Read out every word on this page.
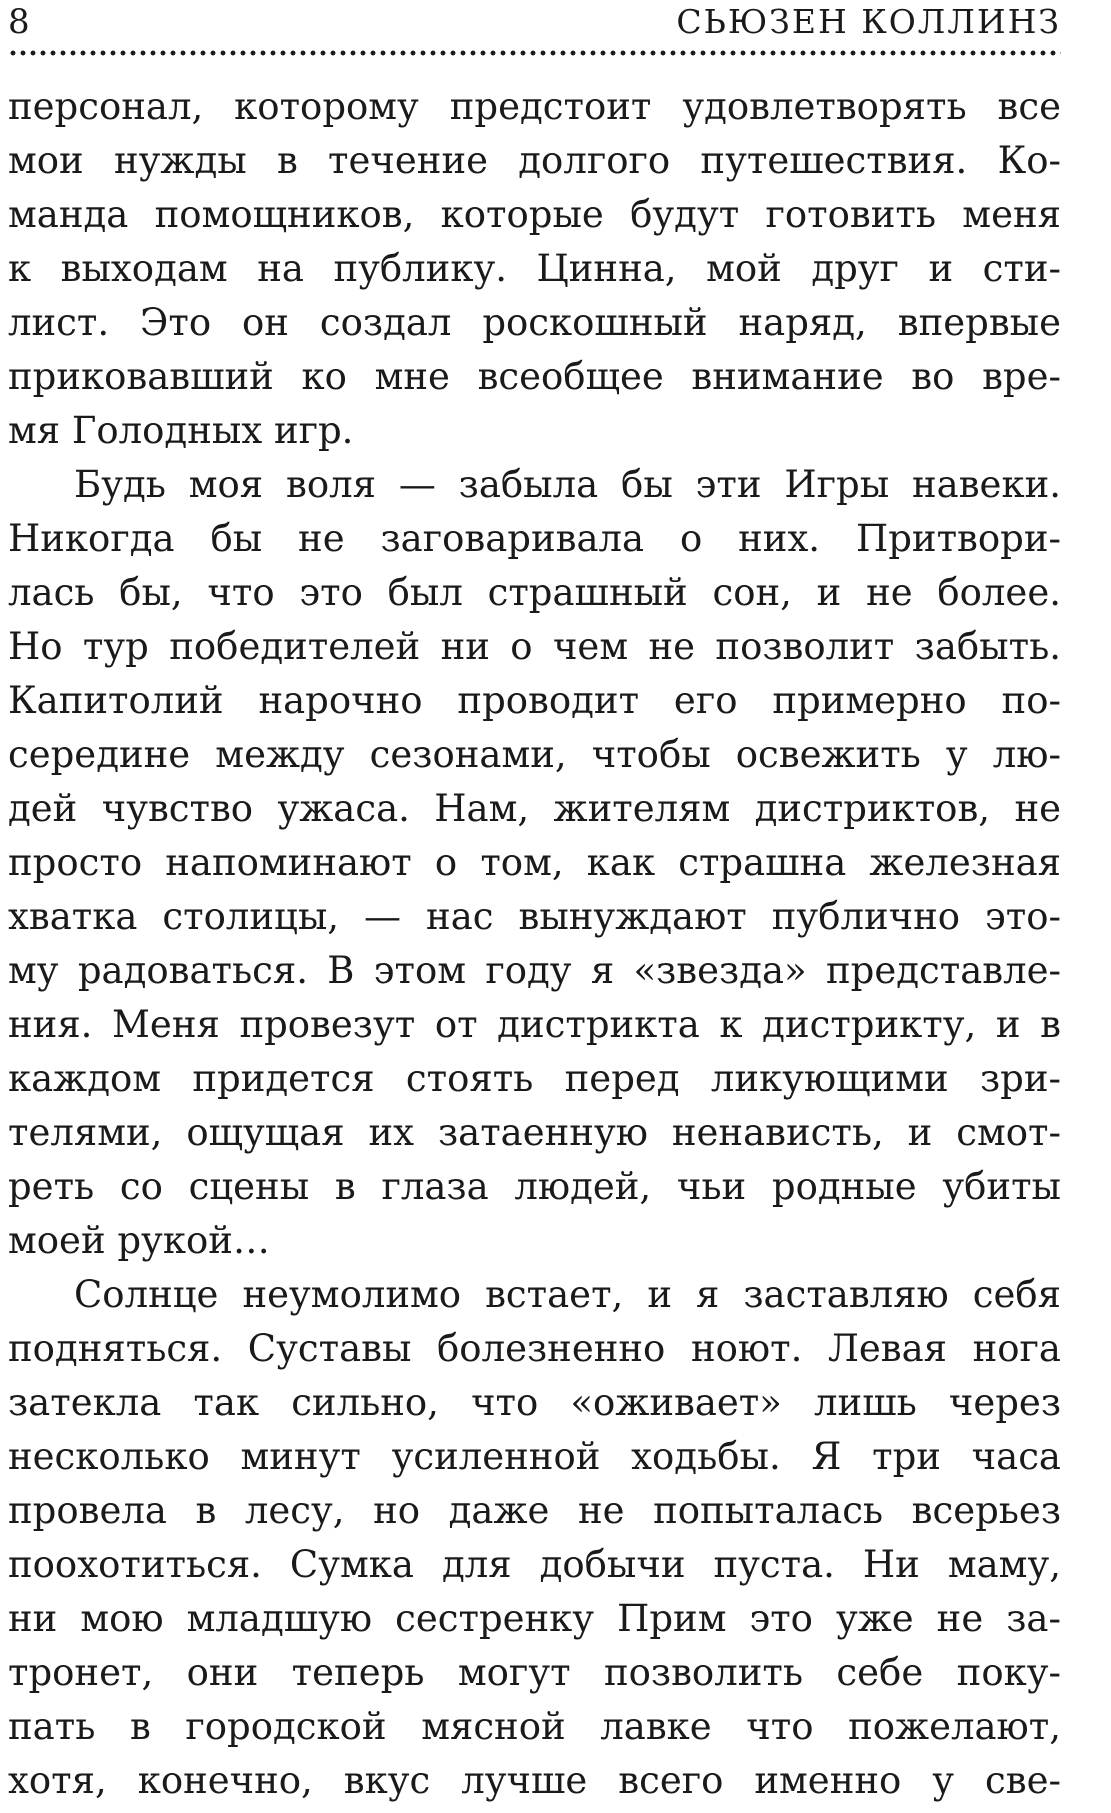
8	СЬЮЗЕН КОЛЛИНЗ
персонал, которому предстоит удовлетворять все
мои нужды в течение долгого путешествия. Ко-
манда помощников, которые будут готовить меня
к выходам на публику. Цинна, мой друг и сти-
лист. Это он создал роскошный наряд, впервые
приковавший ко мне всеобщее внимание во вре-
мя Голодных игр.
Будь моя воля — забыла бы эти Игры навеки.
Никогда бы не заговаривала о них. Притвори-
лась бы, что это был страшный сон, и не более.
Но тур победителей ни о чем не позволит забыть.
Капитолий нарочно проводит его примерно по-
середине между сезонами, чтобы освежить у лю-
дей чувство ужаса. Нам, жителям дистриктов, не
просто напоминают о том, как страшна железная
хватка столицы, — нас вынуждают публично это-
му радоваться. В этом году я «звезда» представле-
ния. Меня провезут от дистрикта к дистрикту, и в
каждом придется стоять перед ликующими зри-
телями, ощущая их затаенную ненависть, и смот-
реть со сцены в глаза людей, чьи родные убиты
моей рукой…
Солнце неумолимо встает, и я заставляю себя
подняться. Суставы болезненно ноют. Левая нога
затекла так сильно, что «оживает» лишь через
несколько минут усиленной ходьбы. Я три часа
провела в лесу, но даже не попыталась всерьез
поохотиться. Сумка для добычи пуста. Ни маму,
ни мою младшую сестренку Прим это уже не за-
тронет, они теперь могут позволить себе поку-
пать в городской мясной лавке что пожелают,
хотя, конечно, вкус лучше всего именно у све-
